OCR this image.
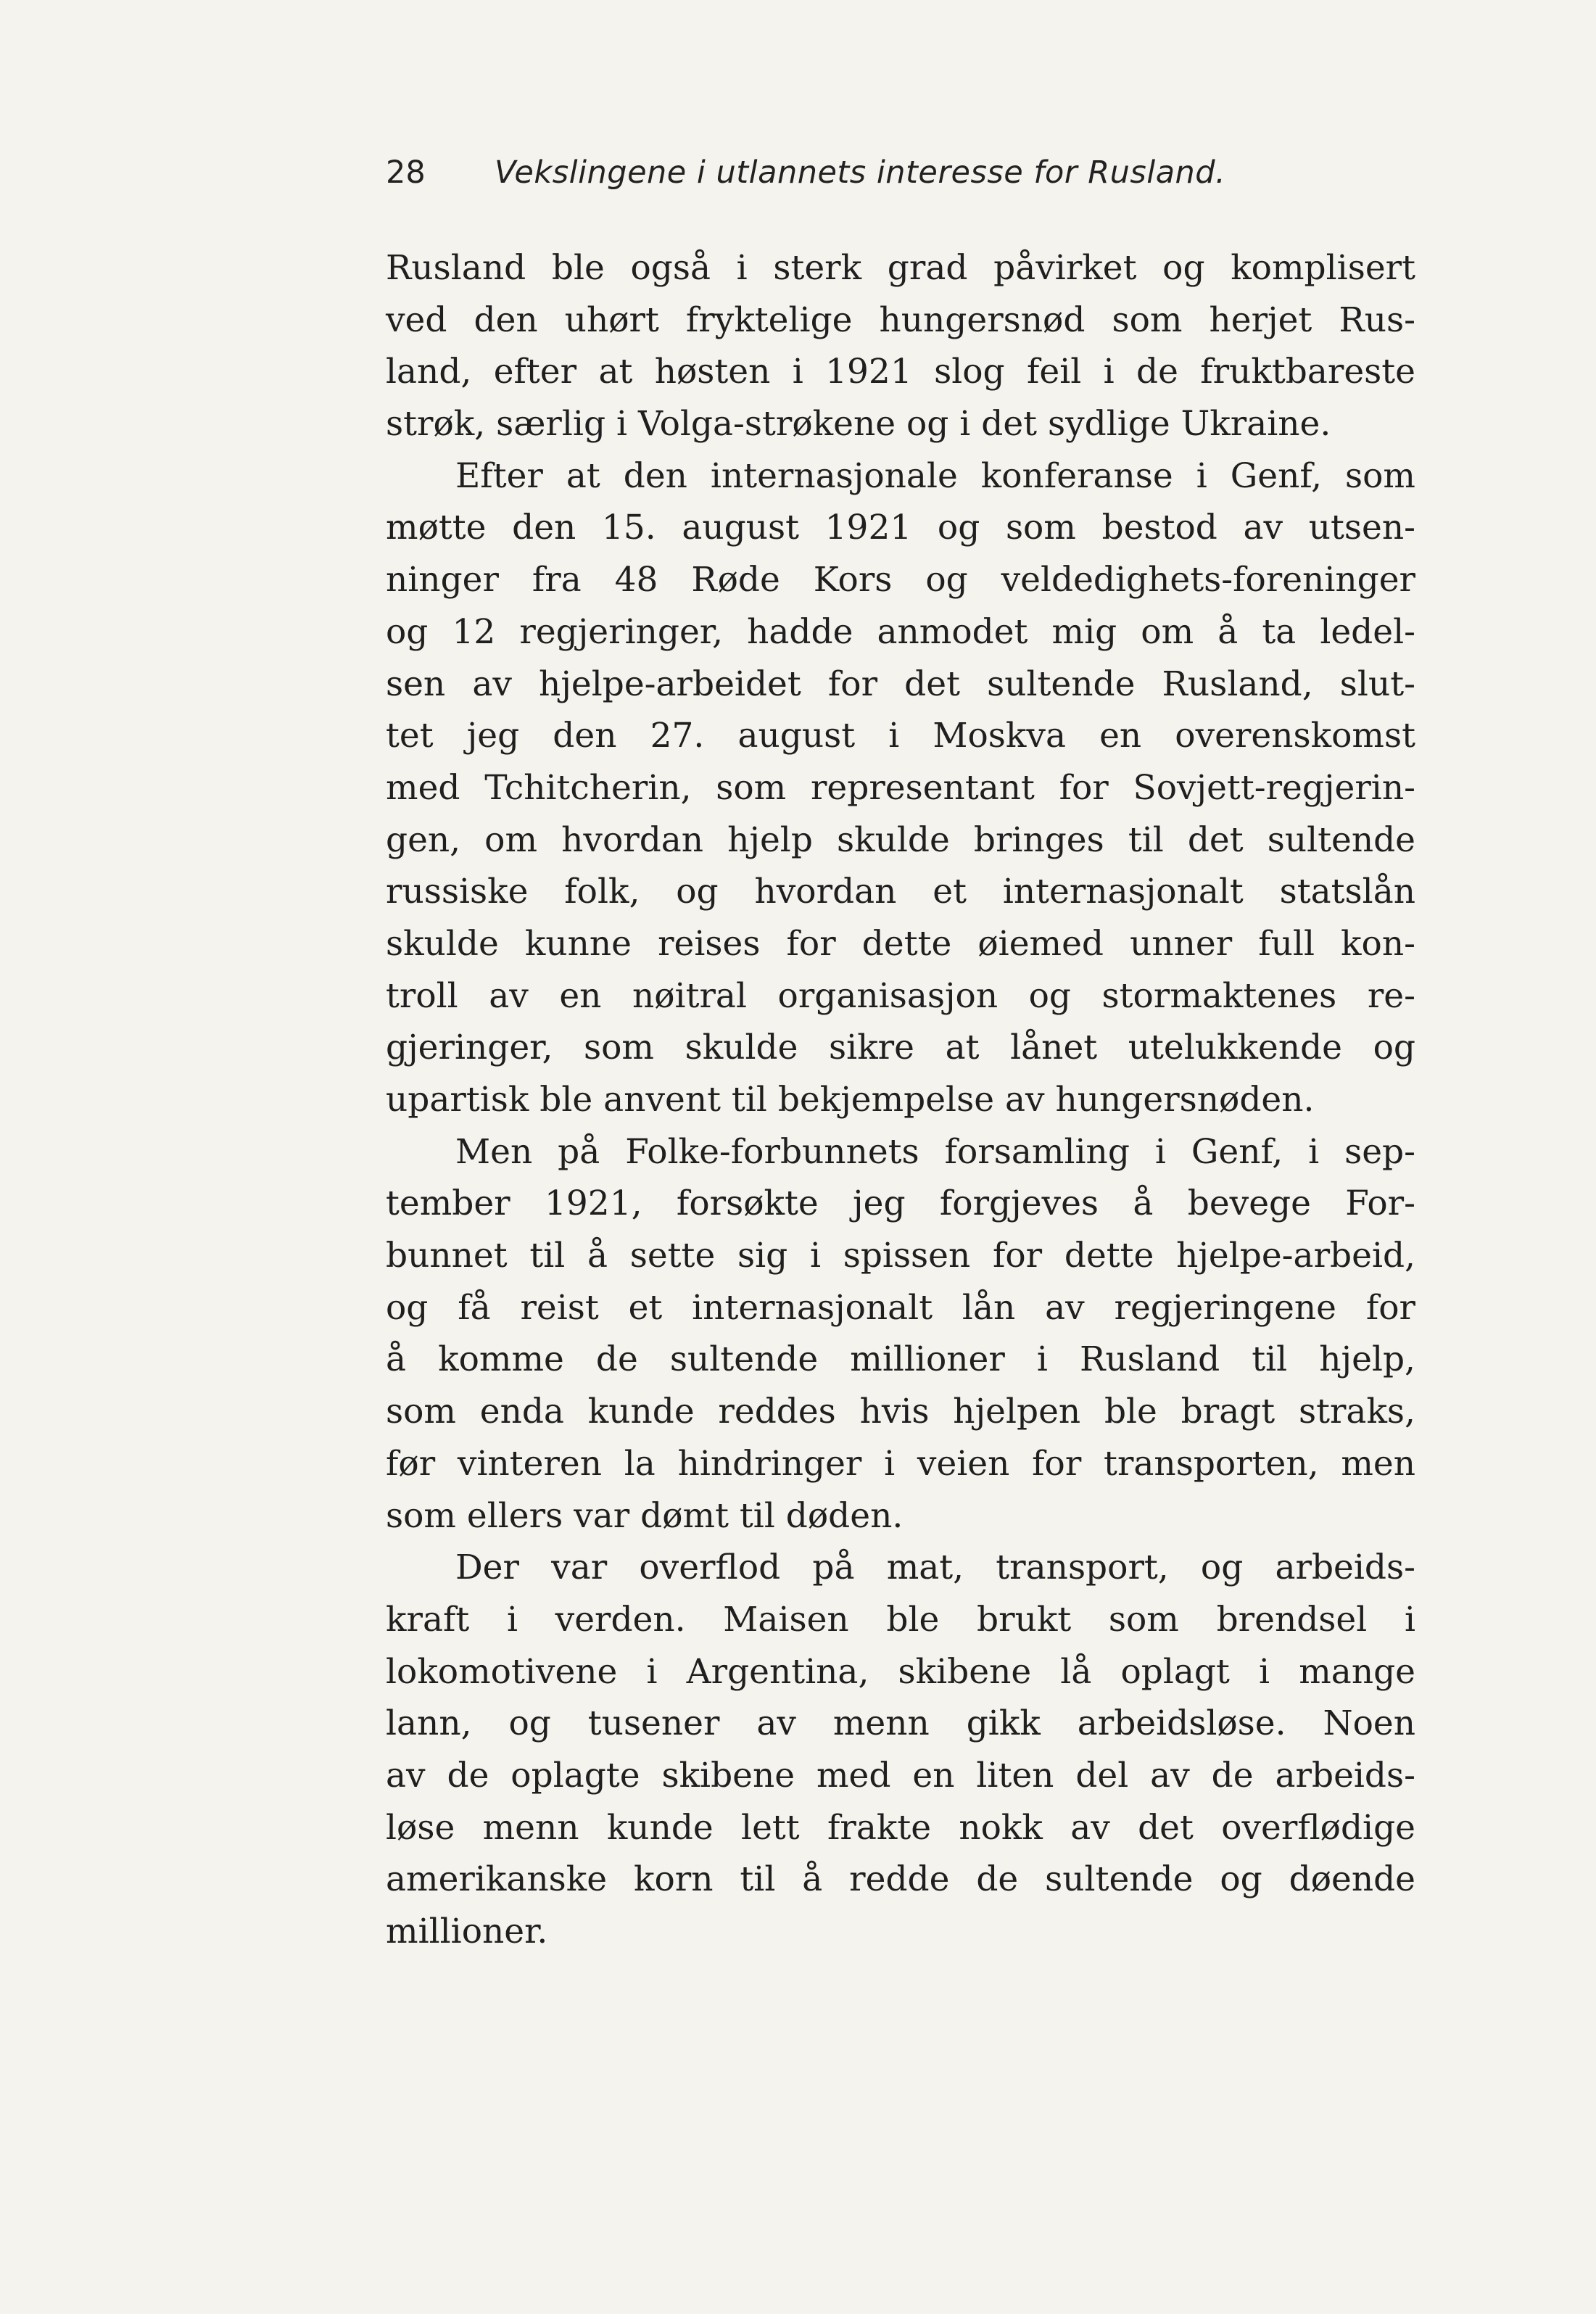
28 Vekslingene i utlannets interesse for Rusland.
Rusland ble også i sterk grad påvirket og komplisert
ved den uhørt fryktelige hungersnød som herjet Rus-
land, efter at høsten i 1921 slog feil i de fruktbareste
strøk, særlig i Volga-strøkene og i det sydlige Ukraine.
Efter at den internasjonale konferanse i Genf, som
møtte den 15. august 1921 og som bestod av utsen-
ninger fra 48 Røde Kors og veldedighets-foreninger
og 12 regjeringer, hadde anmodet mig om å ta ledel-
sen av hjelpe-arbeidet for det sultende Rusland, slut-
tet jeg den 27. august i Moskva en overenskomst
med Tchitcherin, som representant for Sovjett-regjerin-
gen, om hvordan hjelp skulde bringes til det sultende
russiske folk, og hvordan et internasjonalt statslån
skulde kunne reises for dette øiemed unner full kon-
troll av en nøitral organisasjon og stormaktenes re-
gjeringer, som skulde sikre at lånet utelukkende og
upartisk ble anvent til bekjempelse av hungersnøden.
Men på Folke-forbunnets forsamling i Genf, i sep-
tember 1921, forsøkte jeg forgjeves å bevege For-
bunnet til å sette sig i spissen for dette hjelpe-arbeid,
og få reist et internasjonalt lån av regjeringene for
å komme de sultende millioner i Rusland til hjelp,
som enda kunde reddes hvis hjelpen ble bragt straks,
før vinteren la hindringer i veien for transporten, men
som ellers var dømt til døden.
Der var overflod på mat, transport, og arbeids-
kraft i verden. Maisen ble brukt som brendsel i
lokomotivene i Argentina, skibene lå oplagt i mange
lann, og tusener av menn gikk arbeidsløse. Noen
av de oplagte skibene med en liten del av de arbeids-
løse menn kunde lett frakte nokk av det overflødige
amerikanske korn til å redde de sultende og døende
millioner.
